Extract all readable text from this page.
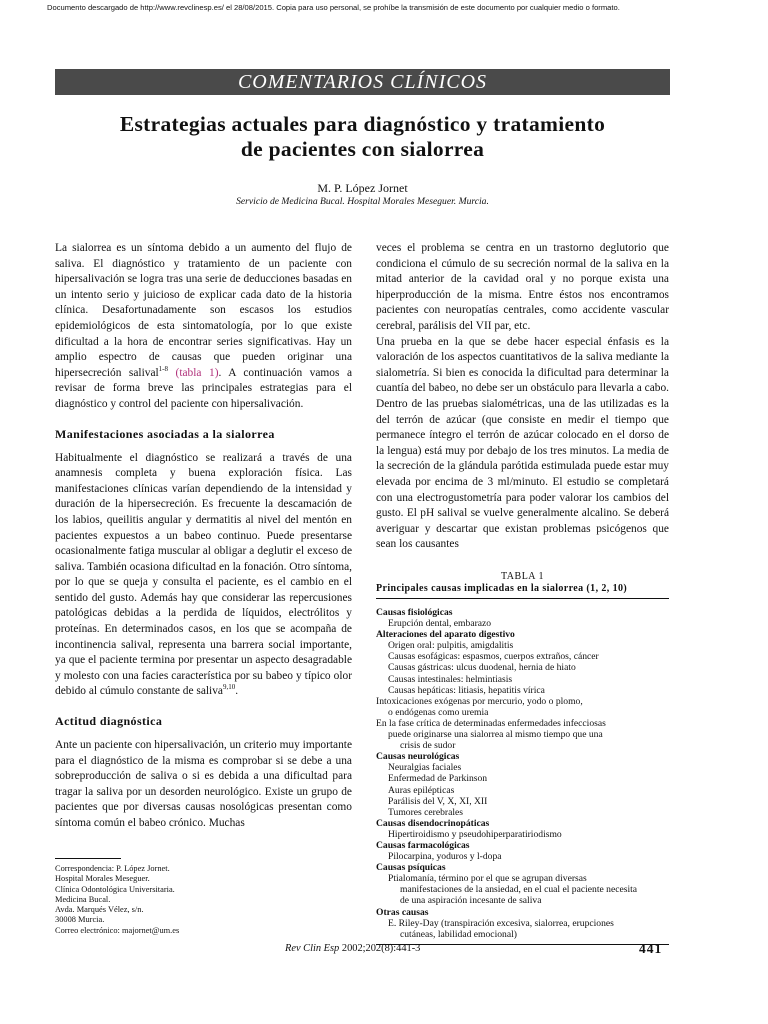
Documento descargado de http://www.revclinesp.es/ el 28/08/2015. Copia para uso personal, se prohíbe la transmisión de este documento por cualquier medio o formato.
COMENTARIOS CLÍNICOS
Estrategias actuales para diagnóstico y tratamiento
de pacientes con sialorrea
M. P. López Jornet
Servicio de Medicina Bucal. Hospital Morales Meseguer. Murcia.

La sialorrea es un síntoma debido a un aumento del flujo de saliva. El diagnóstico y tratamiento de un paciente con hipersalivación se logra tras una serie de deducciones basadas en un intento serio y juicioso de explicar cada dato de la historia clínica. Desafortunadamente son escasos los estudios epidemiológicos de esta sintomatología, por lo que existe dificultad a la hora de encontrar series significativas. Hay un amplio espectro de causas que pueden originar una hipersecreción salival$^{1-8}$ (tabla 1). A continuación vamos a revisar de forma breve las principales estrategias para el diagnóstico y control del paciente con hipersalivación.

Manifestaciones asociadas a la sialorrea

Habitualmente el diagnóstico se realizará a través de una anamnesis completa y buena exploración física. Las manifestaciones clínicas varían dependiendo de la intensidad y duración de la hipersecreción. Es frecuente la descamación de los labios, queilitis angular y dermatitis al nivel del mentón en pacientes expuestos a un babeo continuo. Puede presentarse ocasionalmente fatiga muscular al obligar a deglutir el exceso de saliva. También ocasiona dificultad en la fonación. Otro síntoma, por lo que se queja y consulta el paciente, es el cambio en el sentido del gusto. Además hay que considerar las repercusiones patológicas debidas a la perdida de líquidos, electrólitos y proteínas. En determinados casos, en los que se acompaña de incontinencia salival, representa una barrera social importante, ya que el paciente termina por presentar un aspecto desagradable y molesto con una facies característica por su babeo y típico olor debido al cúmulo constante de saliva$^{9,10}$.

Actitud diagnóstica

Ante un paciente con hipersalivación, un criterio muy importante para el diagnóstico de la misma es comprobar si se debe a una sobreproducción de saliva o si es debida a una dificultad para tragar la saliva por un desorden neurológico. Existe un grupo de pacientes que por diversas causas nosológicas presentan como síntoma común el babeo crónico. Muchas

veces el problema se centra en un trastorno deglutorio que condiciona el cúmulo de su secreción normal de la saliva en la mitad anterior de la cavidad oral y no porque exista una hiperproducción de la misma. Entre éstos nos encontramos pacientes con neuropatías centrales, como accidente vascular cerebral, parálisis del VII par, etc.

Una prueba en la que se debe hacer especial énfasis es la valoración de los aspectos cuantitativos de la saliva mediante la sialometría. Si bien es conocida la dificultad para determinar la cuantía del babeo, no debe ser un obstáculo para llevarla a cabo. Dentro de las pruebas sialométricas, una de las utilizadas es la del terrón de azúcar (que consiste en medir el tiempo que permanece íntegro el terrón de azúcar colocado en el dorso de la lengua) está muy por debajo de los tres minutos. La media de la secreción de la glándula parótida estimulada puede estar muy elevada por encima de 3 ml/minuto. El estudio se completará con una electrogustometría para poder valorar los cambios del gusto. El pH salival se vuelve generalmente alcalino. Se deberá averiguar y descartar que existan problemas psicógenos que sean los causantes

TABLA 1
Principales causas implicadas en la sialorrea (1, 2, 10)
Causas fisiológicas
Erupción dental, embarazo
Alteraciones del aparato digestivo
Origen oral: pulpitis, amigdalitis
Causas esofágicas: espasmos, cuerpos extraños, cáncer
Causas gástricas: ulcus duodenal, hernia de hiato
Causas intestinales: helmintiasis
Causas hepáticas: litiasis, hepatitis vírica
Intoxicaciones exógenas por mercurio, yodo o plomo,
o endógenas como uremia
En la fase crítica de determinadas enfermedades infecciosas
puede originarse una sialorrea al mismo tiempo que una
crisis de sudor
Causas neurológicas
Neuralgias faciales
Enfermedad de Parkinson
Auras epilépticas
Parálisis del V, X, XI, XII
Tumores cerebrales
Causas disendocrinopáticas
Hipertiroidismo y pseudohiperparatiriodismo
Causas farmacológicas
Pilocarpina, yoduros y l-dopa
Causas psíquicas
Ptialomanía, término por el que se agrupan diversas
manifestaciones de la ansiedad, en el cual el paciente necesita
de una aspiración incesante de saliva
Otras causas
E. Riley-Day (transpiración excesiva, sialorrea, erupciones
cutáneas, labilidad emocional)
Correspondencia: P. López Jornet.
Hospital Morales Meseguer.
Clínica Odontológica Universitaria.
Medicina Bucal.
Avda. Marqués Vélez, s/n.
30008 Murcia.
Correo electrónico: majornet@um.es
Rev Clin Esp 2002;202(8):441-3	441
